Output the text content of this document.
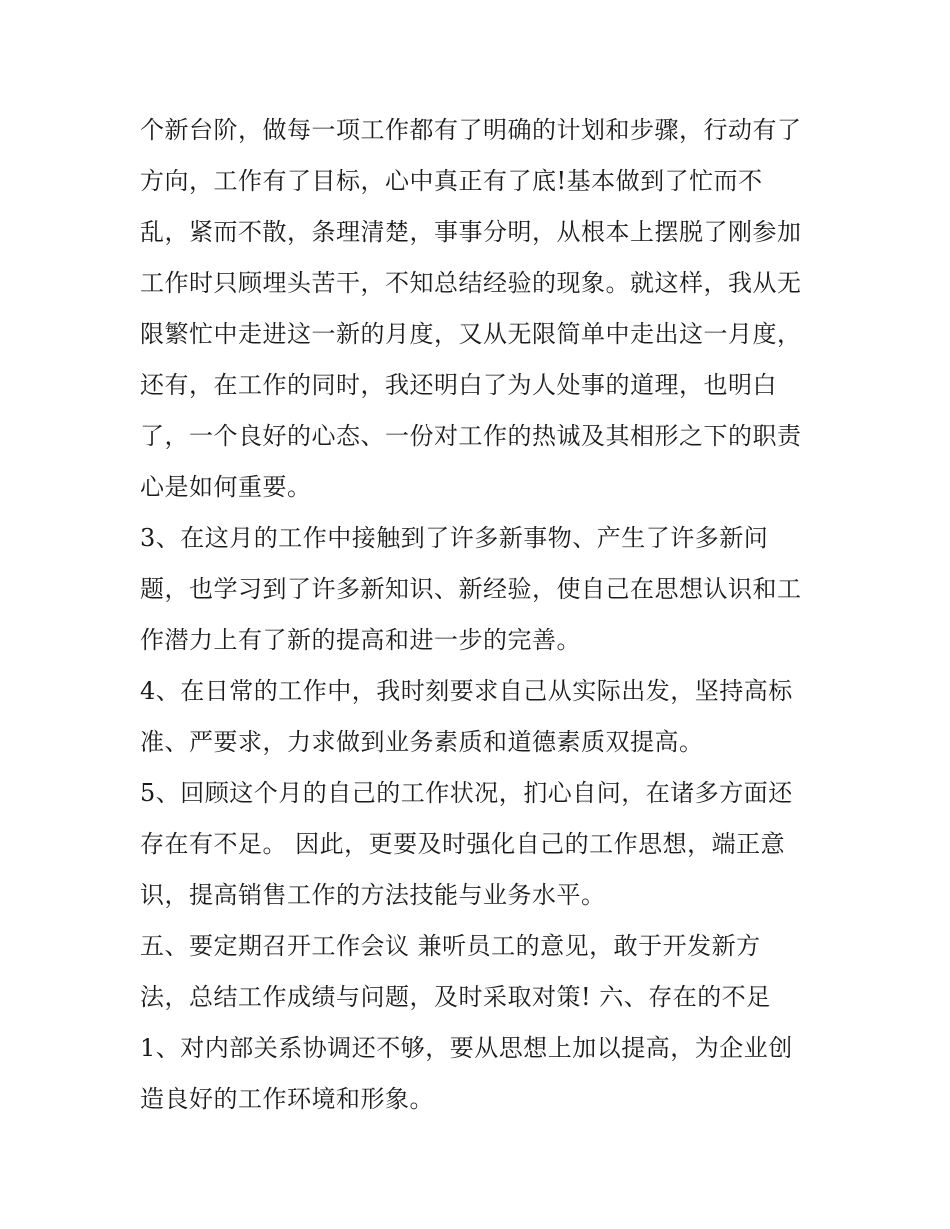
个新台阶，做每一项工作都有了明确的计划和步骤，行动有了
方向，工作有了目标，心中真正有了底!基本做到了忙而不
乱，紧而不散，条理清楚，事事分明，从根本上摆脱了刚参加
工作时只顾埋头苦干，不知总结经验的现象。就这样，我从无
限繁忙中走进这一新的月度，又从无限简单中走出这一月度，
还有，在工作的同时，我还明白了为人处事的道理，也明白
了，一个良好的心态、一份对工作的热诚及其相形之下的职责
心是如何重要。
3、在这月的工作中接触到了许多新事物、产生了许多新问
题，也学习到了许多新知识、新经验，使自己在思想认识和工
作潜力上有了新的提高和进一步的完善。
4、在日常的工作中，我时刻要求自己从实际出发，坚持高标
准、严要求，力求做到业务素质和道德素质双提高。
5、回顾这个月的自己的工作状况，扪心自问，在诸多方面还
存在有不足。 因此，更要及时强化自己的工作思想，端正意
识，提高销售工作的方法技能与业务水平。
五、要定期召开工作会议 兼听员工的意见，敢于开发新方
法，总结工作成绩与问题，及时采取对策! 六、存在的不足
1、对内部关系协调还不够，要从思想上加以提高，为企业创
造良好的工作环境和形象。
